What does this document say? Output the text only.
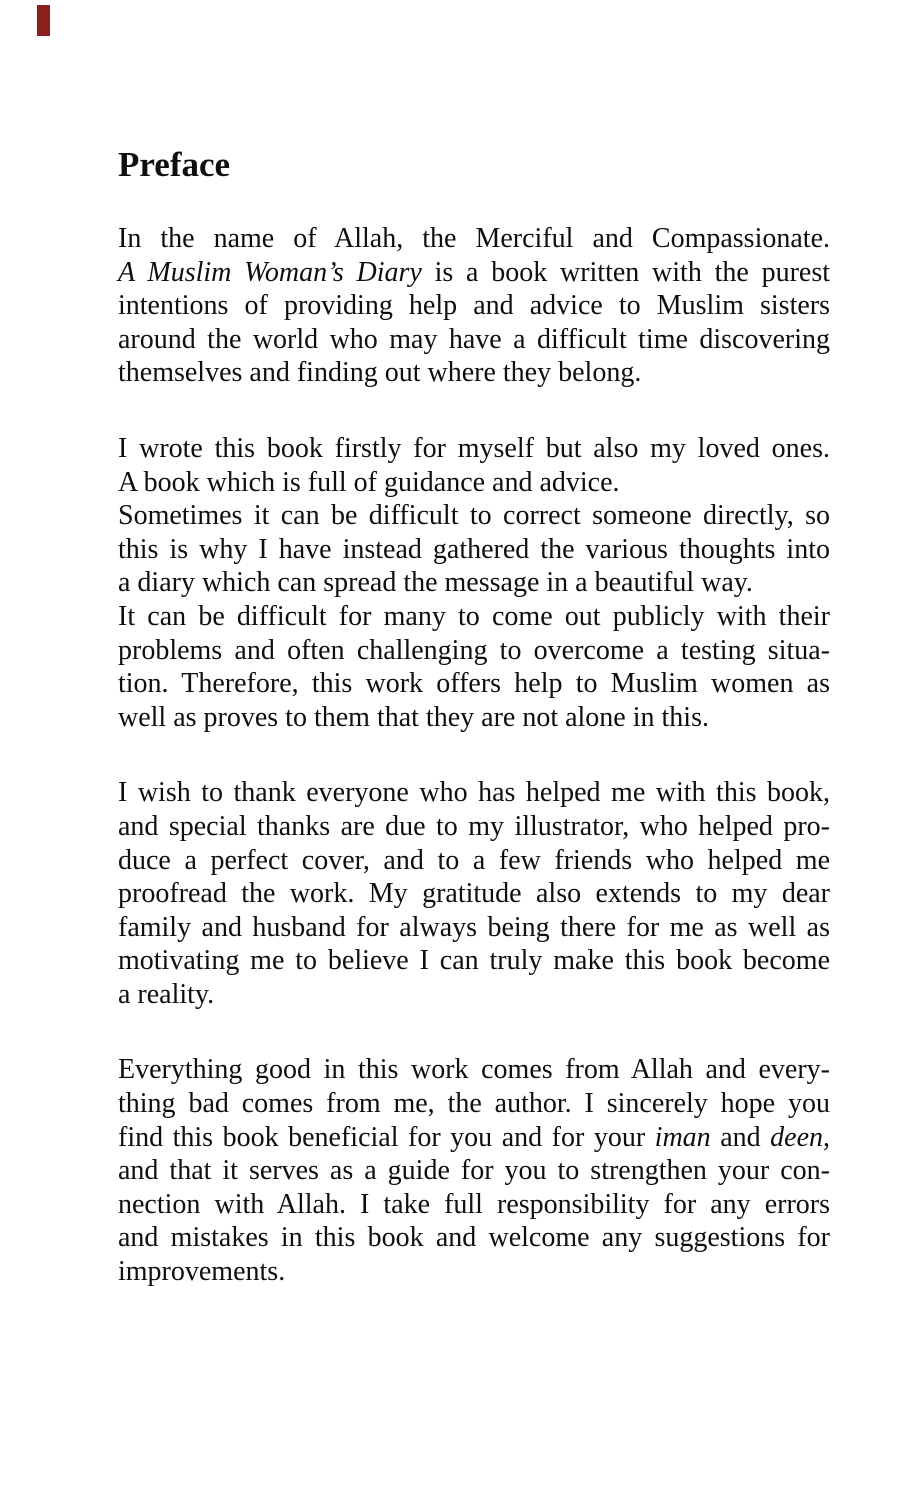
Preface
In the name of Allah, the Merciful and Compassionate.
A Muslim Woman’s Diary is a book written with the purest
intentions of providing help and advice to Muslim sisters
around the world who may have a difficult time discovering
themselves and finding out where they belong.
I wrote this book firstly for myself but also my loved ones.
A book which is full of guidance and advice.
Sometimes it can be difficult to correct someone directly, so
this is why I have instead gathered the various thoughts into
a diary which can spread the message in a beautiful way.
It can be difficult for many to come out publicly with their
problems and often challenging to overcome a testing situa-
tion. Therefore, this work offers help to Muslim women as
well as proves to them that they are not alone in this.
I wish to thank everyone who has helped me with this book,
and special thanks are due to my illustrator, who helped pro-
duce a perfect cover, and to a few friends who helped me
proofread the work. My gratitude also extends to my dear
family and husband for always being there for me as well as
motivating me to believe I can truly make this book become
a reality.
Everything good in this work comes from Allah and every-
thing bad comes from me, the author. I sincerely hope you
find this book beneficial for you and for your iman and deen,
and that it serves as a guide for you to strengthen your con-
nection with Allah. I take full responsibility for any errors
and mistakes in this book and welcome any suggestions for
improvements.
